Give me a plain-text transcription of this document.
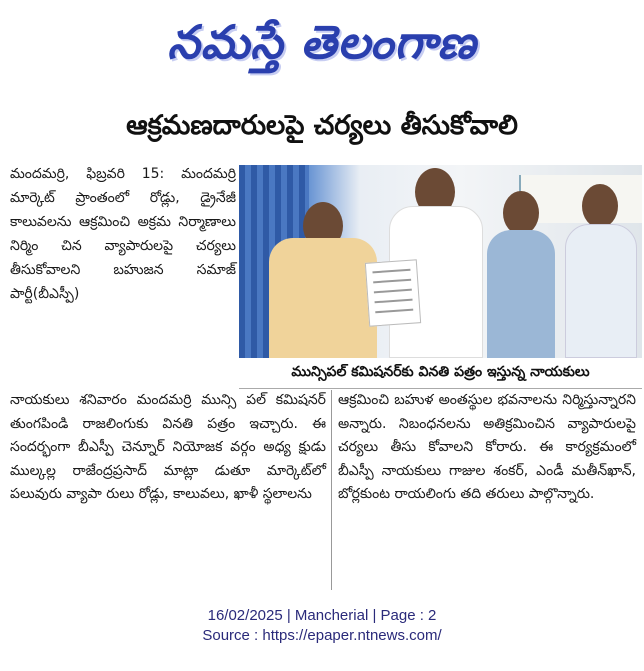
నమస్తే తెలంగాణ
ఆక్రమణదారులపై చర్యలు తీసుకోవాలి

మందమర్రి, ఫిబ్రవరి 15: మందమర్రి మార్కెట్ ప్రాంతంలో రోడ్లు, డ్రైనేజీ కాలువలను ఆక్రమించి అక్రమ నిర్మాణాలు నిర్మిం చిన వ్యాపారులపై చర్యలు తీసుకోవాలని బహుజన సమాజ్ పార్టీ(బీఎస్పీ)

మున్సిపల్ కమిషనర్‌కు వినతి పత్రం ఇస్తున్న నాయకులు

నాయకులు శనివారం మందమర్రి మున్సి పల్ కమిషనర్ తుంగపిండి రాజలింగుకు వినతి పత్రం ఇచ్చారు. ఈ సందర్భంగా బీఎస్పీ చెన్నూర్ నియోజక వర్గం అధ్య క్షుడు ముల్కల్ల రాజేంద్రప్రసాద్ మాట్లా డుతూ మార్కెట్‌లో పలువురు వ్యాపా రులు రోడ్లు, కాలువలు, ఖాళీ స్థలాలను

ఆక్రమించి బహుళ అంతస్థుల భవనాలను నిర్మిస్తున్నారని అన్నారు. నిబంధనలను అతిక్రమించిన వ్యాపారులపై చర్యలు తీసు కోవాలని కోరారు. ఈ కార్యక్రమంలో బీఎస్పీ నాయకులు గాజుల శంకర్, ఎండీ మతీన్‌ఖాన్, బోర్లకుంట రాయలింగు తది తరులు పాల్గొన్నారు.

16/02/2025 | Mancherial | Page : 2
Source : https://epaper.ntnews.com/
